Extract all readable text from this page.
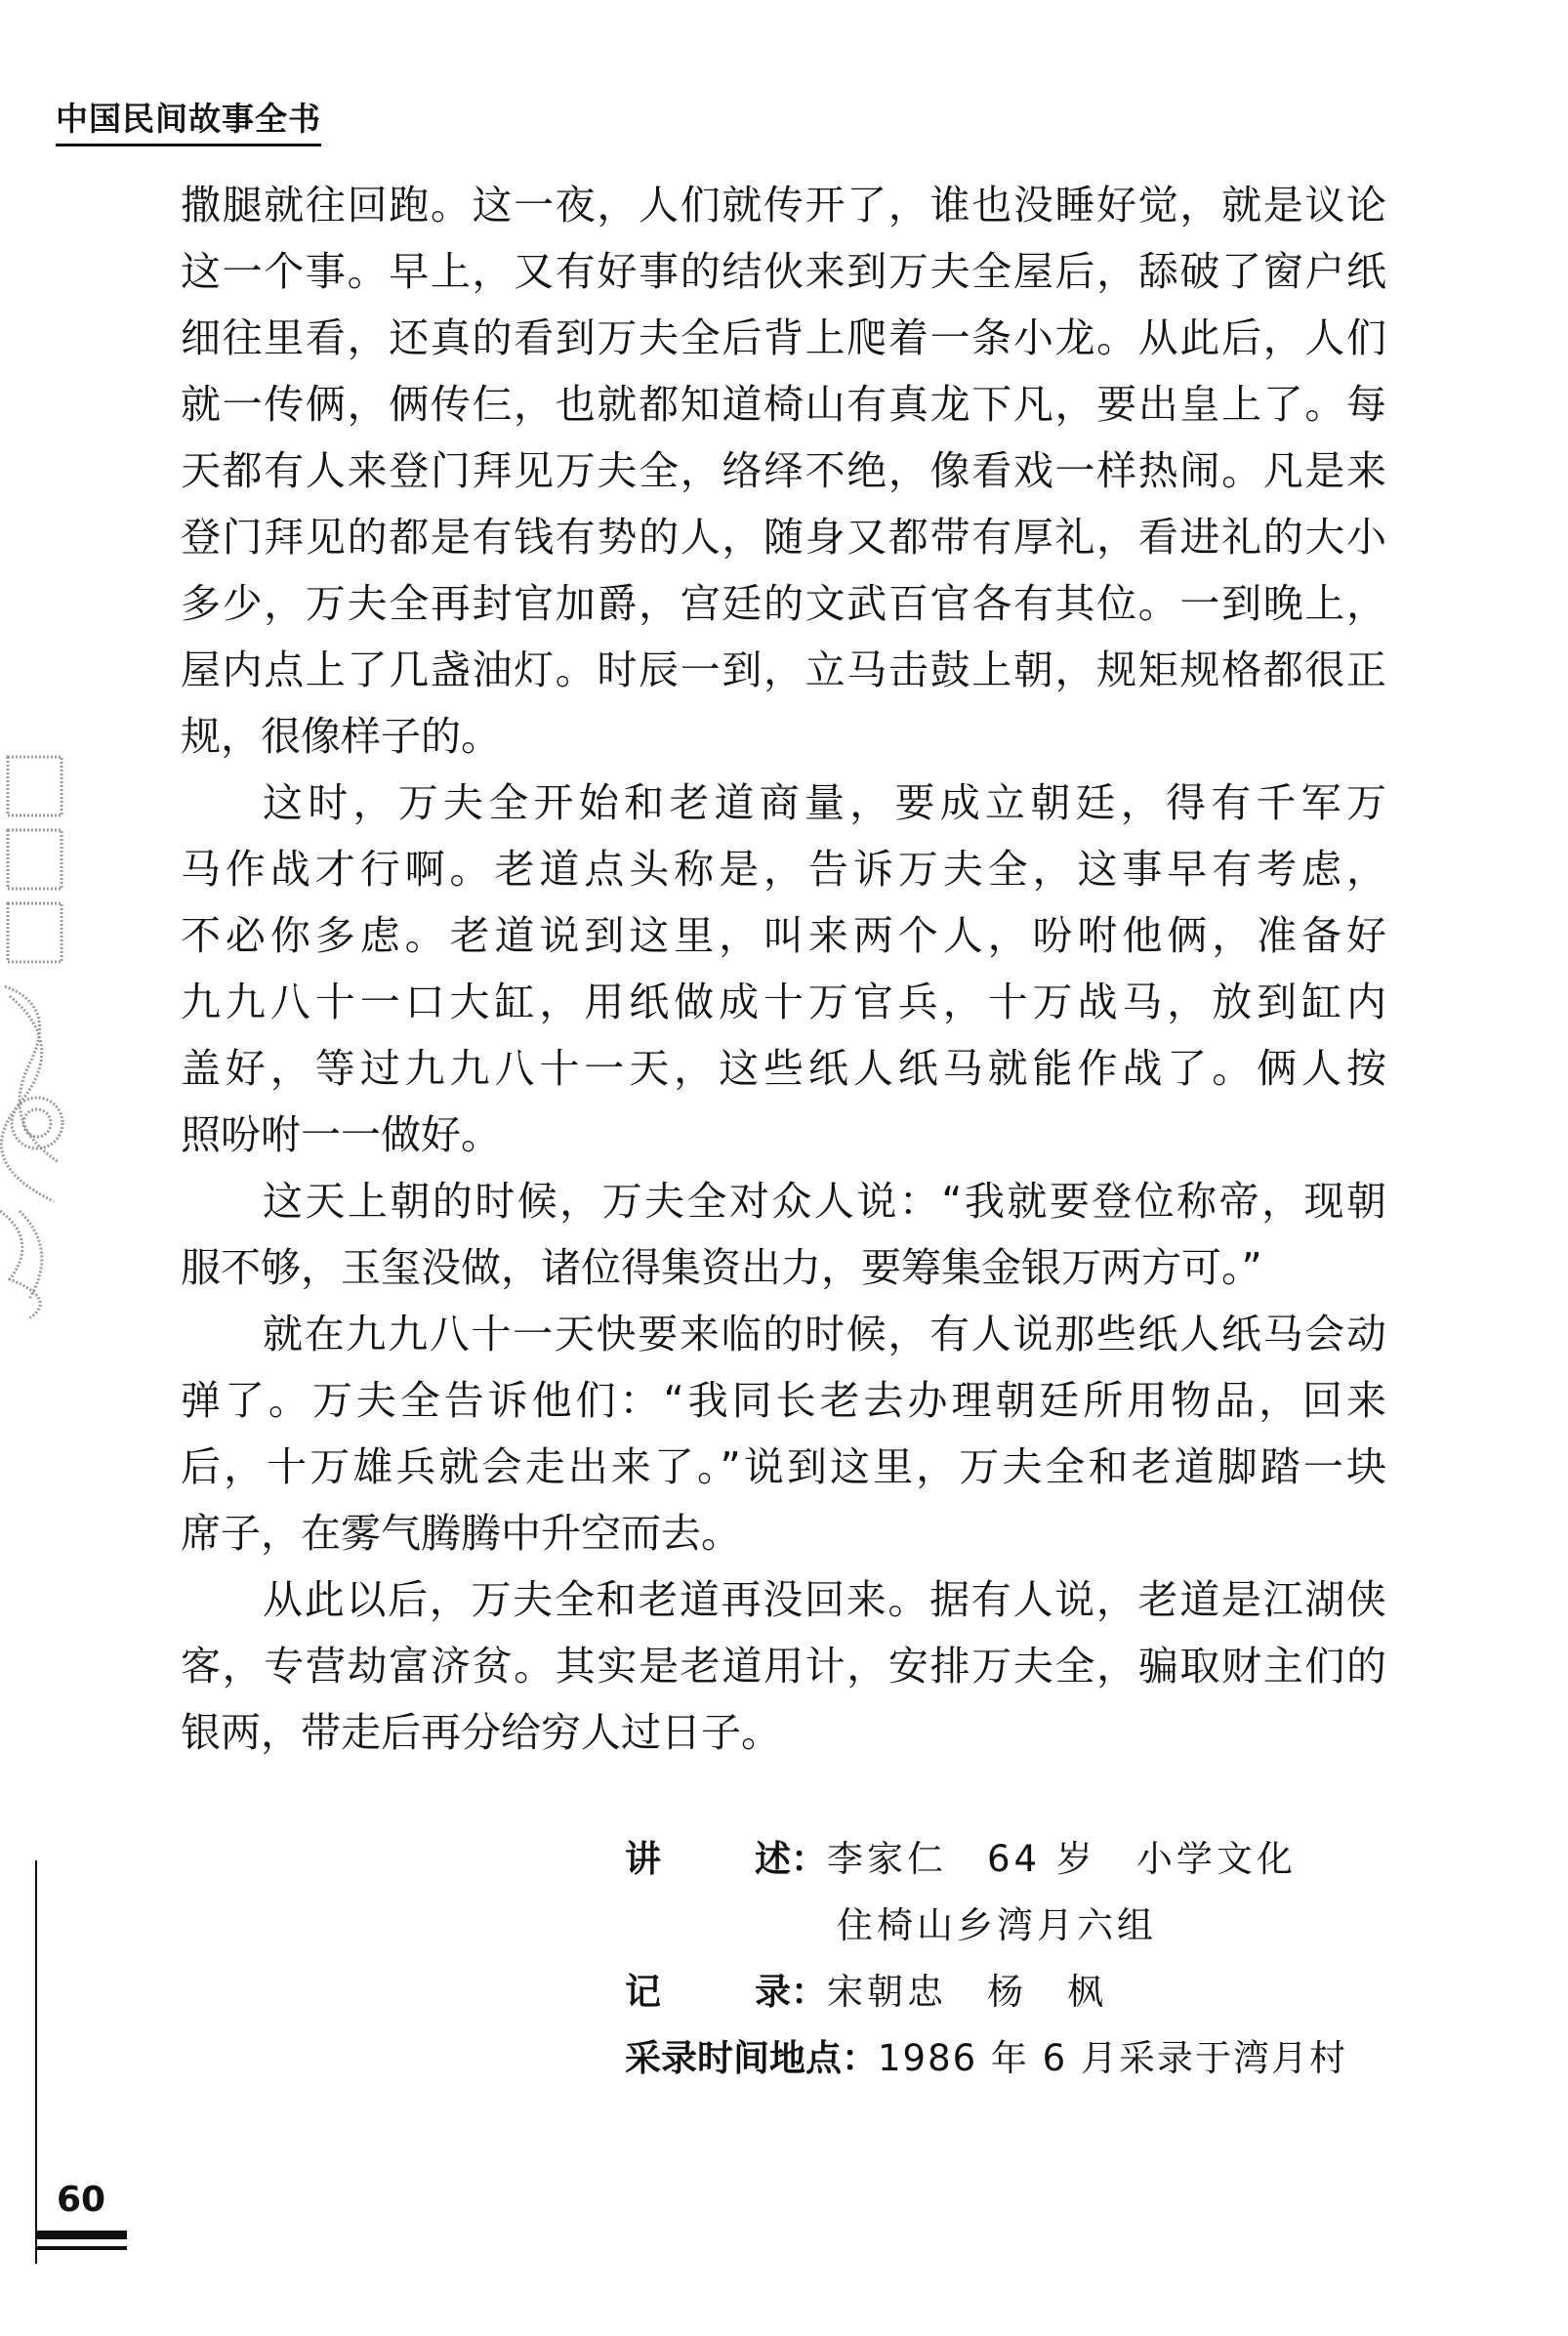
中国民间故事全书
撒腿就往回跑。这一夜，人们就传开了，谁也没睡好觉，就是议论
这一个事。早上，又有好事的结伙来到万夫全屋后，舔破了窗户纸
细往里看，还真的看到万夫全后背上爬着一条小龙。从此后，人们
就一传俩，俩传仨，也就都知道椅山有真龙下凡，要出皇上了。每
天都有人来登门拜见万夫全，络绎不绝，像看戏一样热闹。凡是来
登门拜见的都是有钱有势的人，随身又都带有厚礼，看进礼的大小
多少，万夫全再封官加爵，宫廷的文武百官各有其位。一到晚上，
屋内点上了几盏油灯。时辰一到，立马击鼓上朝，规矩规格都很正
规，很像样子的。
这时，万夫全开始和老道商量，要成立朝廷，得有千军万
马作战才行啊。老道点头称是，告诉万夫全，这事早有考虑，
不必你多虑。老道说到这里，叫来两个人，吩咐他俩，准备好
九九八十一口大缸，用纸做成十万官兵，十万战马，放到缸内
盖好，等过九九八十一天，这些纸人纸马就能作战了。俩人按
照吩咐一一做好。
这天上朝的时候，万夫全对众人说：“我就要登位称帝，现朝
服不够，玉玺没做，诸位得集资出力，要筹集金银万两方可。”
就在九九八十一天快要来临的时候，有人说那些纸人纸马会动
弹了。万夫全告诉他们：“我同长老去办理朝廷所用物品，回来
后，十万雄兵就会走出来了。”说到这里，万夫全和老道脚踏一块
席子，在雾气腾腾中升空而去。
从此以后，万夫全和老道再没回来。据有人说，老道是江湖侠
客，专营劫富济贫。其实是老道用计，安排万夫全，骗取财主们的
银两，带走后再分给穷人过日子。
讲	述 ：李家仁　64 岁　小学文化
住椅山乡湾月六组
记	录 ：宋朝忠　杨　枫
采录时间地点：1986 年 6 月采录于湾月村
60
